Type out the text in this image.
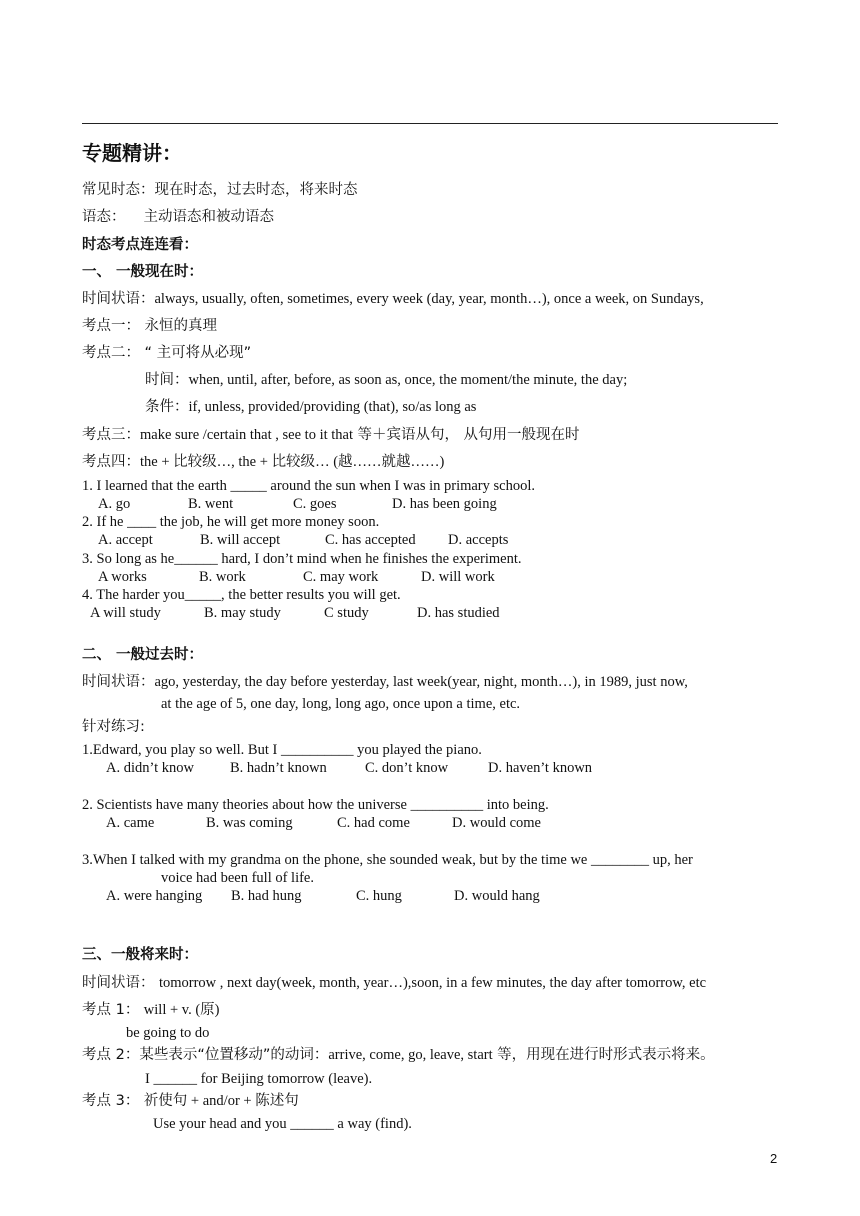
专题精讲：
常见时态：现在时态，过去时态，将来时态
语态： 主动语态和被动语态
时态考点连连看：
一、 一般现在时：
时间状语：always, usually, often, sometimes, every week (day, year, month…), once a week, on Sundays,
考点一： 永恒的真理
考点二： “ 主可将从必现”
时间：when, until, after, before, as soon as, once, the moment/the minute, the day;
条件：if, unless, provided/providing (that), so/as long as
考点三：make sure /certain that , see to it that 等＋宾语从句， 从句用一般现在时
考点四：the + 比较级…, the + 比较级… (越……就越……)
1. I learned that the earth _____ around the sun when I was in primary school.
A. go	B. went	C. goes	D. has been going
2. If he ____ the job, he will get more money soon.
A. accept	B. will accept	C. has accepted D. accepts
3. So long as he______ hard, I don’t mind when he finishes the experiment.
A works	B. work	C. may work	D. will work
4. The harder you_____, the better results you will get.
A will study	B. may study	C study	D. has studied
二、 一般过去时：
时间状语：ago, yesterday, the day before yesterday, last week(year, night, month…), in 1989, just now,
at the age of 5, one day, long, long ago, once upon a time, etc.
针对练习:
1.Edward, you play so well. But I __________ you played the piano.
A. didn’t know B. hadn’t known	C. don’t know	D. haven’t known
2. Scientists have many theories about how the universe __________ into being.
A. came	B. was coming	C. had come	D. would come
3.When I talked with my grandma on the phone, she sounded weak, but by the time we ________ up, her
voice had been full of life.
A. were hanging B. had hung	C. hung	D. would hang
三、一般将来时：
时间状语： tomorrow , next day(week, month, year…),soon, in a few minutes, the day after tomorrow, etc
考点 1： will + v. (原)
be going to do
考点 2：某些表示“位置移动”的动词：arrive, come, go, leave, start 等，用现在进行时形式表示将来。
I ______ for Beijing tomorrow (leave).
考点 3： 祈使句 + and/or + 陈述句
Use your head and you ______ a way (find).
2
